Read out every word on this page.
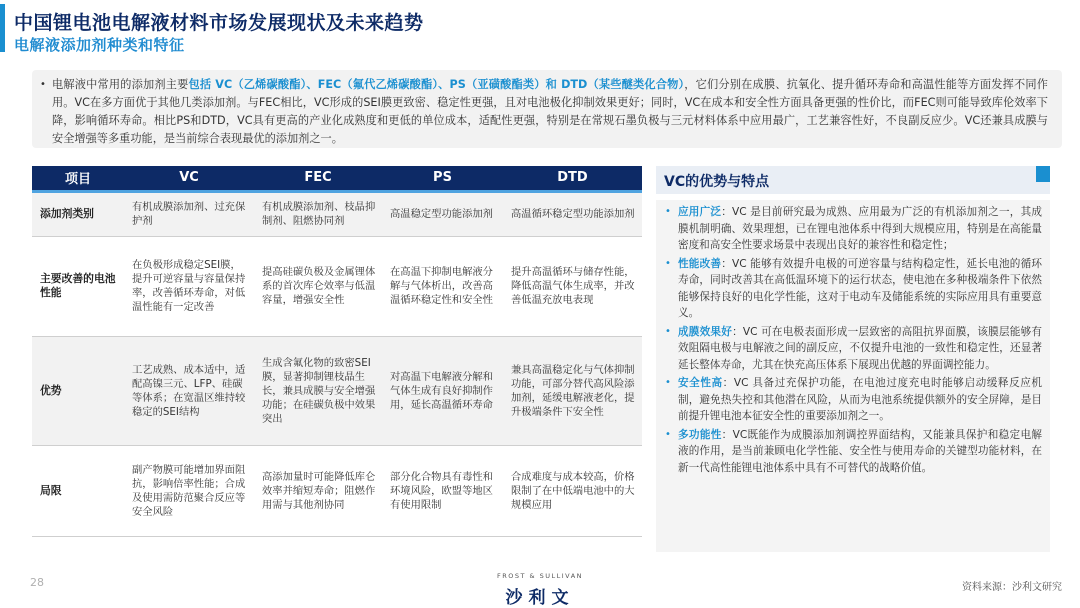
中国锂电池电解液材料市场发展现状及未来趋势
电解液添加剂种类和特征
• 电解液中常用的添加剂主要包括 VC（乙烯碳酸酯）、FEC（氟代乙烯碳酸酯）、PS（亚磺酸酯类）和 DTD（某些醚类化合物），它们分别在成膜、抗氧化、提升循环寿命和高温性能等方面发挥不同作用。VC在多方面优于其他几类添加剂。与FEC相比，VC形成的SEI膜更致密、稳定性更强，且对电池极化抑制效果更好；同时，VC在成本和安全性方面具备更强的性价比，而FEC则可能导致库伦效率下降，影响循环寿命。相比PS和DTD，VC具有更高的产业化成熟度和更低的单位成本，适配性更强，特别是在常规石墨负极与三元材料体系中应用最广，工艺兼容性好，不良副反应少。VC还兼具成膜与安全增强等多重功能，是当前综合表现最优的添加剂之一。
项目	VC	FEC	PS	DTD
添加剂类别	有机成膜添加剂、过充保护剂	有机成膜添加剂、枝晶抑制剂、阻燃协同剂	高温稳定型功能添加剂	高温循环稳定型功能添加剂
主要改善的电池性能	在负极形成稳定SEI膜，提升可逆容量与容量保持率，改善循环寿命，对低温性能有一定改善	提高硅碳负极及金属锂体系的首次库仑效率与低温容量，增强安全性	在高温下抑制电解液分解与气体析出，改善高温循环稳定性和安全性	提升高温循环与储存性能，降低高温气体生成率，并改善低温充放电表现
优势	工艺成熟、成本适中，适配高镍三元、LFP、硅碳等体系；在宽温区维持较稳定的SEI结构	生成含氟化物的致密SEI膜，显著抑制锂枝晶生长，兼具成膜与安全增强功能；在硅碳负极中效果突出	对高温下电解液分解和气体生成有良好抑制作用，延长高温循环寿命	兼具高温稳定化与气体抑制功能，可部分替代高风险添加剂，延缓电解液老化，提升极端条件下安全性
局限	副产物膜可能增加界面阻抗，影响倍率性能；合成及使用需防范聚合反应等安全风险	高添加量时可能降低库仑效率并缩短寿命；阻燃作用需与其他剂协同	部分化合物具有毒性和环境风险，欧盟等地区有使用限制	合成难度与成本较高，价格限制了在中低端电池中的大规模应用
VC的优势与特点
• 应用广泛：VC 是目前研究最为成熟、应用最为广泛的有机添加剂之一，其成膜机制明确、效果理想，已在锂电池体系中得到大规模应用，特别是在高能量密度和高安全性要求场景中表现出良好的兼容性和稳定性；
• 性能改善：VC 能够有效提升电极的可逆容量与结构稳定性，延长电池的循环寿命，同时改善其在高低温环境下的运行状态，使电池在多种极端条件下依然能够保持良好的电化学性能，这对于电动车及储能系统的实际应用具有重要意义。
• 成膜效果好：VC 可在电极表面形成一层致密的高阻抗界面膜，该膜层能够有效阻隔电极与电解液之间的副反应，不仅提升电池的一致性和稳定性，还显著延长整体寿命，尤其在快充高压体系下展现出优越的界面调控能力。
• 安全性高：VC 具备过充保护功能，在电池过度充电时能够启动缓释反应机制，避免热失控和其他潜在风险，从而为电池系统提供额外的安全屏障，是目前提升锂电池本征安全性的重要添加剂之一。
• 多功能性：VC既能作为成膜添加剂调控界面结构，又能兼具保护和稳定电解液的作用，是当前兼顾电化学性能、安全性与使用寿命的关键型功能材料，在新一代高性能锂电池体系中具有不可替代的战略价值。
28	FROST & SULLIVAN
沙利文
资料来源：沙利文研究
